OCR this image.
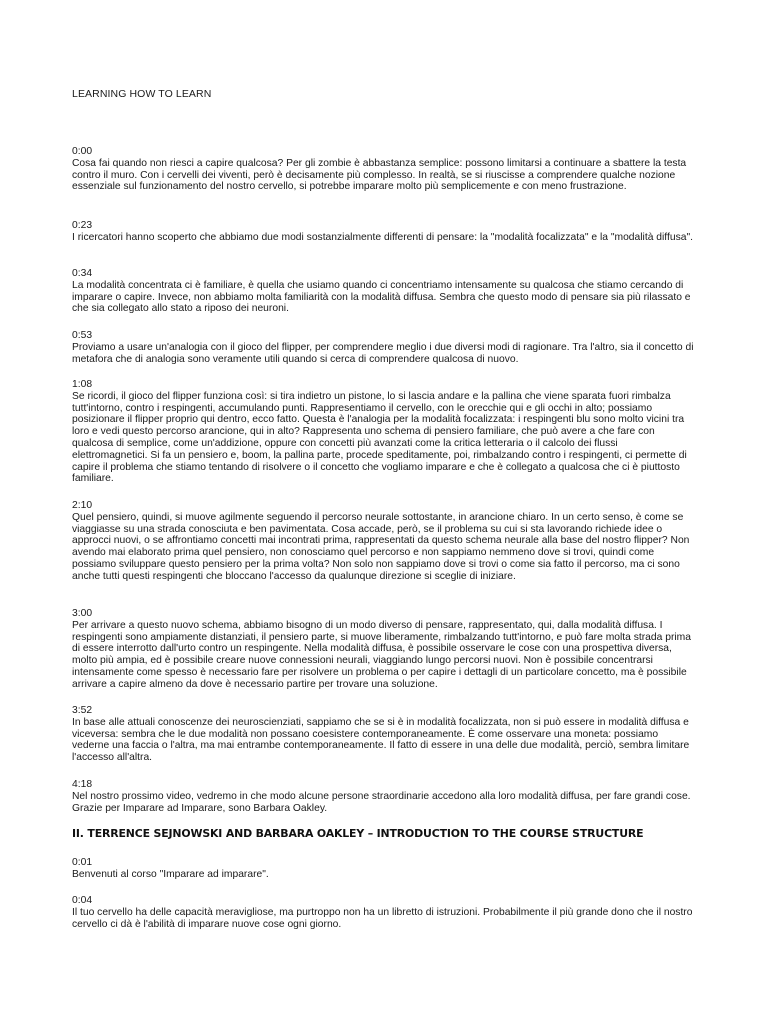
LEARNING HOW TO LEARN
0:00
Cosa fai quando non riesci a capire qualcosa? Per gli zombie è abbastanza semplice: possono limitarsi a continuare a sbattere la testa contro il muro. Con i cervelli dei viventi, però è decisamente più complesso. In realtà, se si riuscisse a comprendere qualche nozione essenziale sul funzionamento del nostro cervello, si potrebbe imparare molto più semplicemente e con meno frustrazione.
0:23
I ricercatori hanno scoperto che abbiamo due modi sostanzialmente differenti di pensare: la "modalità focalizzata" e la "modalità diffusa".
0:34
La modalità concentrata ci è familiare, è quella che usiamo quando ci concentriamo intensamente su qualcosa che stiamo cercando di imparare o capire. Invece, non abbiamo molta familiarità con la modalità diffusa. Sembra che questo modo di pensare sia più rilassato e che sia collegato allo stato a riposo dei neuroni.
0:53
Proviamo a usare un'analogia con il gioco del flipper, per comprendere meglio i due diversi modi di ragionare. Tra l'altro, sia il concetto di metafora che di analogia sono veramente utili quando si cerca di comprendere qualcosa di nuovo.
1:08
Se ricordi, il gioco del flipper funziona così: si tira indietro un pistone, lo si lascia andare e la pallina che viene sparata fuori rimbalza tutt'intorno, contro i respingenti, accumulando punti. Rappresentiamo il cervello, con le orecchie qui e gli occhi in alto; possiamo posizionare il flipper proprio qui dentro, ecco fatto. Questa è l'analogia per la modalità focalizzata: i respingenti blu sono molto vicini tra loro e vedi questo percorso arancione, qui in alto? Rappresenta uno schema di pensiero familiare, che può avere a che fare con qualcosa di semplice, come un'addizione, oppure con concetti più avanzati come la critica letteraria o il calcolo dei flussi elettromagnetici. Si fa un pensiero e, boom, la pallina parte, procede speditamente, poi, rimbalzando contro i respingenti, ci permette di capire il problema che stiamo tentando di risolvere o il concetto che vogliamo imparare e che è collegato a qualcosa che ci è piuttosto familiare.
2:10
Quel pensiero, quindi, si muove agilmente seguendo il percorso neurale sottostante, in arancione chiaro. In un certo senso, è come se viaggiasse su una strada conosciuta e ben pavimentata. Cosa accade, però, se il problema su cui si sta lavorando richiede idee o approcci nuovi, o se affrontiamo concetti mai incontrati prima, rappresentati da questo schema neurale alla base del nostro flipper? Non avendo mai elaborato prima quel pensiero, non conosciamo quel percorso e non sappiamo nemmeno dove si trovi, quindi come possiamo sviluppare questo pensiero per la prima volta? Non solo non sappiamo dove si trovi o come sia fatto il percorso, ma ci sono anche tutti questi respingenti che bloccano l'accesso da qualunque direzione si sceglie di iniziare.
3:00
Per arrivare a questo nuovo schema, abbiamo bisogno di un modo diverso di pensare, rappresentato, qui, dalla modalità diffusa. I respingenti sono ampiamente distanziati, il pensiero parte, si muove liberamente, rimbalzando tutt'intorno, e può fare molta strada prima di essere interrotto dall'urto contro un respingente. Nella modalità diffusa, è possibile osservare le cose con una prospettiva diversa, molto più ampia, ed è possibile creare nuove connessioni neurali, viaggiando lungo percorsi nuovi. Non è possibile concentrarsi intensamente come spesso è necessario fare per risolvere un problema o per capire i dettagli di un particolare concetto, ma è possibile arrivare a capire almeno da dove è necessario partire per trovare una soluzione.
3:52
In base alle attuali conoscenze dei neuroscienziati, sappiamo che se si è in modalità focalizzata, non si può essere in modalità diffusa e viceversa: sembra che le due modalità non possano coesistere contemporaneamente. È come osservare una moneta: possiamo vederne una faccia o l'altra, ma mai entrambe contemporaneamente. Il fatto di essere in una delle due modalità, perciò, sembra limitare l'accesso all'altra.
4:18
Nel nostro prossimo video, vedremo in che modo alcune persone straordinarie accedono alla loro modalità diffusa, per fare grandi cose. Grazie per Imparare ad Imparare, sono Barbara Oakley.
II. TERRENCE SEJNOWSKI AND BARBARA OAKLEY – INTRODUCTION TO THE COURSE STRUCTURE
0:01
Benvenuti al corso "Imparare ad imparare".
0:04
Il tuo cervello ha delle capacità meravigliose, ma purtroppo non ha un libretto di istruzioni. Probabilmente il più grande dono che il nostro cervello ci dà è l'abilità di imparare nuove cose ogni giorno.
